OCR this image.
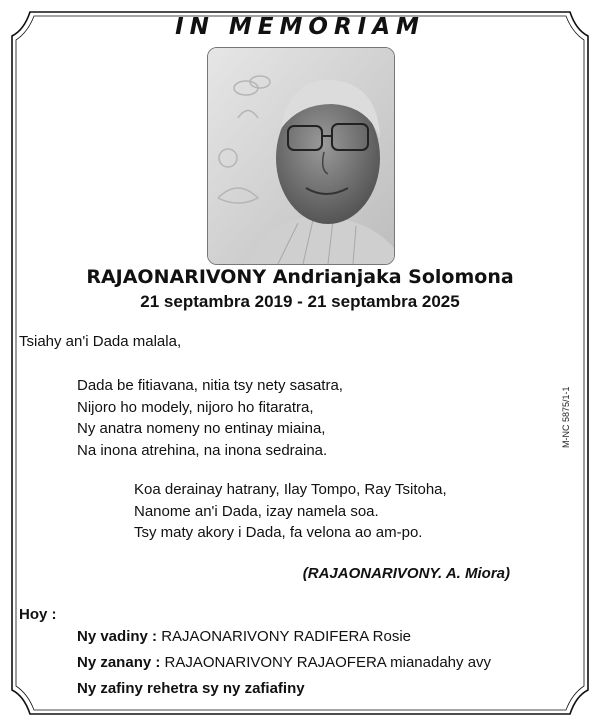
IN MEMORIAM
RAJAONARIVONY Andrianjaka Solomona
21 septambra 2019 - 21 septambra 2025
Tsiahy an'i Dada malala,
Dada be fitiavana, nitia tsy nety sasatra,
Nijoro ho modely, nijoro ho fitaratra,
Ny anatra nomeny no entinay miaina,
Na inona atrehina, na inona sedraina.
Koa derainay hatrany, Ilay Tompo, Ray Tsitoha,
Nanome an'i Dada, izay namela soa.
Tsy maty akory i Dada, fa velona ao am-po.
(RAJAONARIVONY. A. Miora)
Hoy :
Ny vadiny : RAJAONARIVONY RADIFERA Rosie
Ny zanany : RAJAONARIVONY RAJAOFERA mianadahy avy
Ny zafiny rehetra sy ny zafiafiny
M-NC 5875/1-1
